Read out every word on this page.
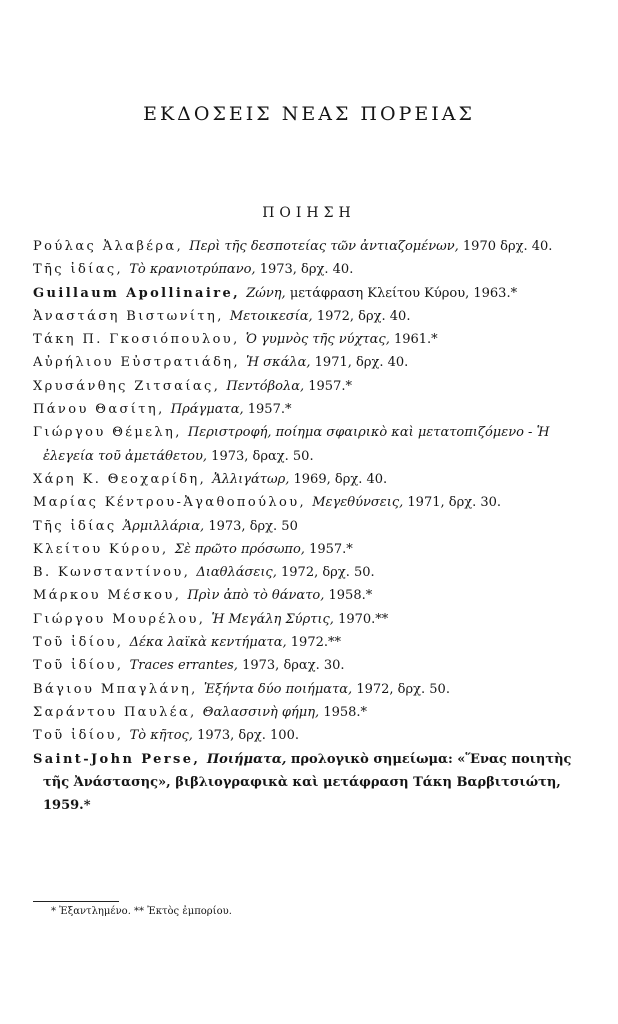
ΕΚΔΟΣΕΙΣ ΝΕΑΣ ΠΟΡΕΙΑΣ
ΠΟΙΗΣΗ
Ρούλας Ἀλαβέρα, Περὶ τῆς δεσποτείας τῶν ἀντιαζομένων, 1970 δρχ. 40.
Τῆς ἰδίας, Τὸ κρανιοτρύπανο, 1973, δρχ. 40.
Guillaum Apollinaire, Ζώνη, μετάφραση Κλείτου Κύρου, 1963.*
Ἀναστάση Βιστωνίτη, Μετοικεσία, 1972, δρχ. 40.
Τάκη Π. Γκοσιόπουλου, Ὁ γυμνὸς τῆς νύχτας, 1961.*
Αὐρήλιου Εὐστρατιάδη, Ἡ σκάλα, 1971, δρχ. 40.
Χρυσάνθης Ζιτσαίας, Πεντόβολα, 1957.*
Πάνου Θασίτη, Πράγματα, 1957.*
Γιώργου Θέμελη, Περιστροφή, ποίημα σφαιρικὸ καὶ μετατοπιζόμενο - Ἡ ἐλεγεία τοῦ ἀμετάθετου, 1973, δραχ. 50.
Χάρη Κ. Θεοχαρίδη, Ἀλλιγάτωρ, 1969, δρχ. 40.
Μαρίας Κέντρου-Ἀγαθοπούλου, Μεγεθύνσεις, 1971, δρχ. 30.
Τῆς ἰδίας Ἀρμιλλάρια, 1973, δρχ. 50
Κλείτου Κύρου, Σὲ πρῶτο πρόσωπο, 1957.*
Β. Κωνσταντίνου, Διαθλάσεις, 1972, δρχ. 50.
Μάρκου Μέσκου, Πρὶν ἀπὸ τὸ θάνατο, 1958.*
Γιώργου Μουρέλου, Ἡ Μεγάλη Σύρτις, 1970.**
Τοῦ ἰδίου, Δέκα λαϊκὰ κεντήματα, 1972.**
Τοῦ ἰδίου, Traces errantes, 1973, δραχ. 30.
Βάγιου Μπαγλάνη, Ἐξήντα δύο ποιήματα, 1972, δρχ. 50.
Σαράντου Παυλέα, Θαλασσινὴ φήμη, 1958.*
Τοῦ ἰδίου, Τὸ κῆτος, 1973, δρχ. 100.
Saint-John Perse, Ποιήματα, προλογικὸ σημείωμα: «Ἕνας ποιητὴς τῆς Ἀνάστασης», βιβλιογραφικὰ καὶ μετάφραση Τάκη Βαρβιτσιώτη, 1959.*
* Ἐξαντλημένο. ** Ἐκτὸς ἐμπορίου.
